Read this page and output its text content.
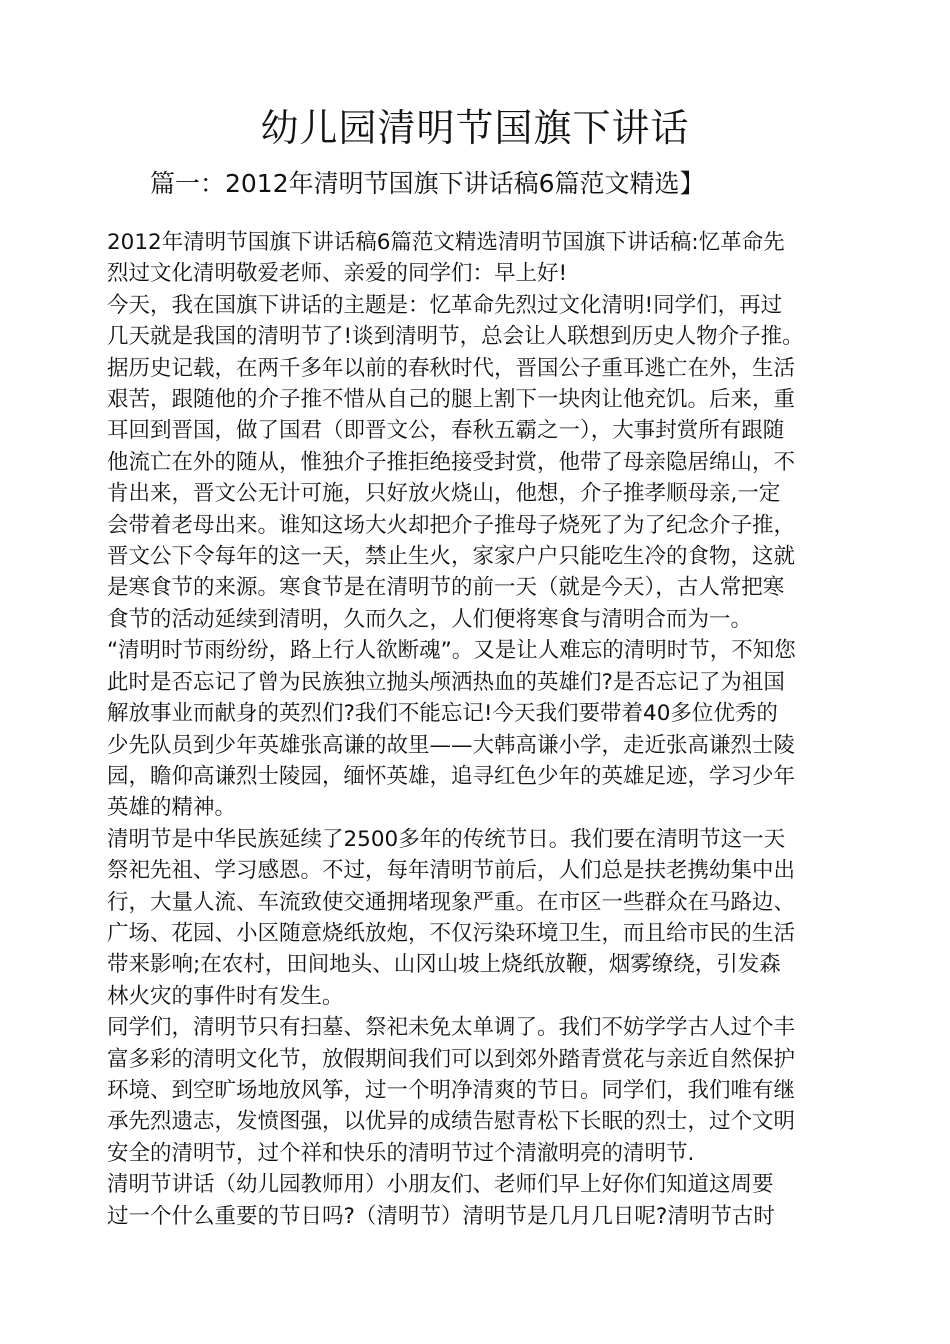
幼儿园清明节国旗下讲话
篇一：2012年清明节国旗下讲话稿6篇范文精选】
2012年清明节国旗下讲话稿6篇范文精选清明节国旗下讲话稿:忆革命先
烈过文化清明敬爱老师、亲爱的同学们：早上好!
今天，我在国旗下讲话的主题是：忆革命先烈过文化清明!同学们，再过
几天就是我国的清明节了!谈到清明节，总会让人联想到历史人物介子推。
据历史记载，在两千多年以前的春秋时代，晋国公子重耳逃亡在外，生活
艰苦，跟随他的介子推不惜从自己的腿上割下一块肉让他充饥。后来，重
耳回到晋国，做了国君（即晋文公，春秋五霸之一），大事封赏所有跟随
他流亡在外的随从，惟独介子推拒绝接受封赏，他带了母亲隐居绵山，不
肯出来，晋文公无计可施，只好放火烧山，他想，介子推孝顺母亲,一定
会带着老母出来。谁知这场大火却把介子推母子烧死了为了纪念介子推，
晋文公下令每年的这一天，禁止生火，家家户户只能吃生冷的食物，这就
是寒食节的来源。寒食节是在清明节的前一天（就是今天），古人常把寒
食节的活动延续到清明，久而久之，人们便将寒食与清明合而为一。
“清明时节雨纷纷，路上行人欲断魂”。又是让人难忘的清明时节，不知您
此时是否忘记了曾为民族独立抛头颅洒热血的英雄们?是否忘记了为祖国
解放事业而献身的英烈们?我们不能忘记!今天我们要带着40多位优秀的
少先队员到少年英雄张高谦的故里——大韩高谦小学，走近张高谦烈士陵
园，瞻仰高谦烈士陵园，缅怀英雄，追寻红色少年的英雄足迹，学习少年
英雄的精神。
清明节是中华民族延续了2500多年的传统节日。我们要在清明节这一天
祭祀先祖、学习感恩。不过，每年清明节前后，人们总是扶老携幼集中出
行，大量人流、车流致使交通拥堵现象严重。在市区一些群众在马路边、
广场、花园、小区随意烧纸放炮，不仅污染环境卫生，而且给市民的生活
带来影响;在农村，田间地头、山冈山坡上烧纸放鞭，烟雾缭绕，引发森
林火灾的事件时有发生。
同学们，清明节只有扫墓、祭祀未免太单调了。我们不妨学学古人过个丰
富多彩的清明文化节，放假期间我们可以到郊外踏青赏花与亲近自然保护
环境、到空旷场地放风筝，过一个明净清爽的节日。同学们，我们唯有继
承先烈遗志，发愤图强，以优异的成绩告慰青松下长眠的烈士，过个文明
安全的清明节，过个祥和快乐的清明节过个清澈明亮的清明节.
清明节讲话（幼儿园教师用）小朋友们、老师们早上好你们知道这周要
过一个什么重要的节日吗?（清明节）清明节是几月几日呢?清明节古时
